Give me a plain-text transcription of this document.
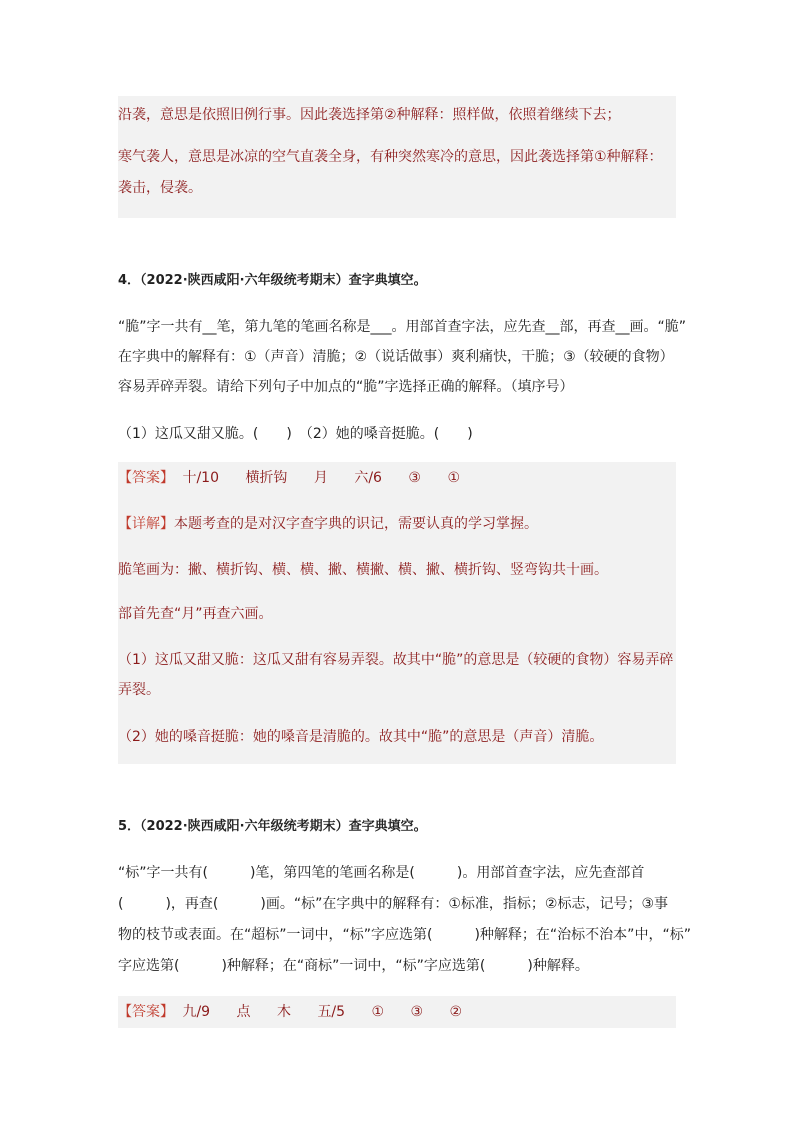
沿袭，意思是依照旧例行事。因此袭选择第②种解释：照样做，依照着继续下去；
寒气袭人，意思是冰凉的空气直袭全身，有种突然寒冷的意思，因此袭选择第①种解释：
袭击，侵袭。
4．（2022·陕西咸阳·六年级统考期末）查字典填空。
“脆”字一共有__笔，第九笔的笔画名称是___。用部首查字法，应先查__部，再查__画。“脆”
在字典中的解释有：①（声音）清脆；②（说话做事）爽利痛快，干脆；③（较硬的食物）
容易弄碎弄裂。请给下列句子中加点的“脆”字选择正确的解释。（填序号）
（1）这瓜又甜又脆。(　　)　（2）她的嗓音挺脆。(　　)
【答案】 十/10 横折钩 月 六/6 ③ ①
【详解】本题考查的是对汉字查字典的识记，需要认真的学习掌握。
脆笔画为：撇、横折钩、横、横、撇、横撇、横、撇、横折钩、竖弯钩共十画。
部首先查“月”再查六画。
（1）这瓜又甜又脆：这瓜又甜有容易弄裂。故其中“脆”的意思是（较硬的食物）容易弄碎
弄裂。
（2）她的嗓音挺脆：她的嗓音是清脆的。故其中“脆”的意思是（声音）清脆。
5．（2022·陕西咸阳·六年级统考期末）查字典填空。
“标”字一共有(　　　)笔，第四笔的笔画名称是(　　　)。用部首查字法，应先查部首
(　　　)，再查(　　　)画。“标”在字典中的解释有：①标准，指标；②标志，记号；③事
物的枝节或表面。在“超标”一词中，“标”字应选第(　　　)种解释；在“治标不治本”中，“标”
字应选第(　　　)种解释；在“商标”一词中，“标”字应选第(　　　)种解释。
【答案】 九/9 点 木 五/5 ① ③ ②
